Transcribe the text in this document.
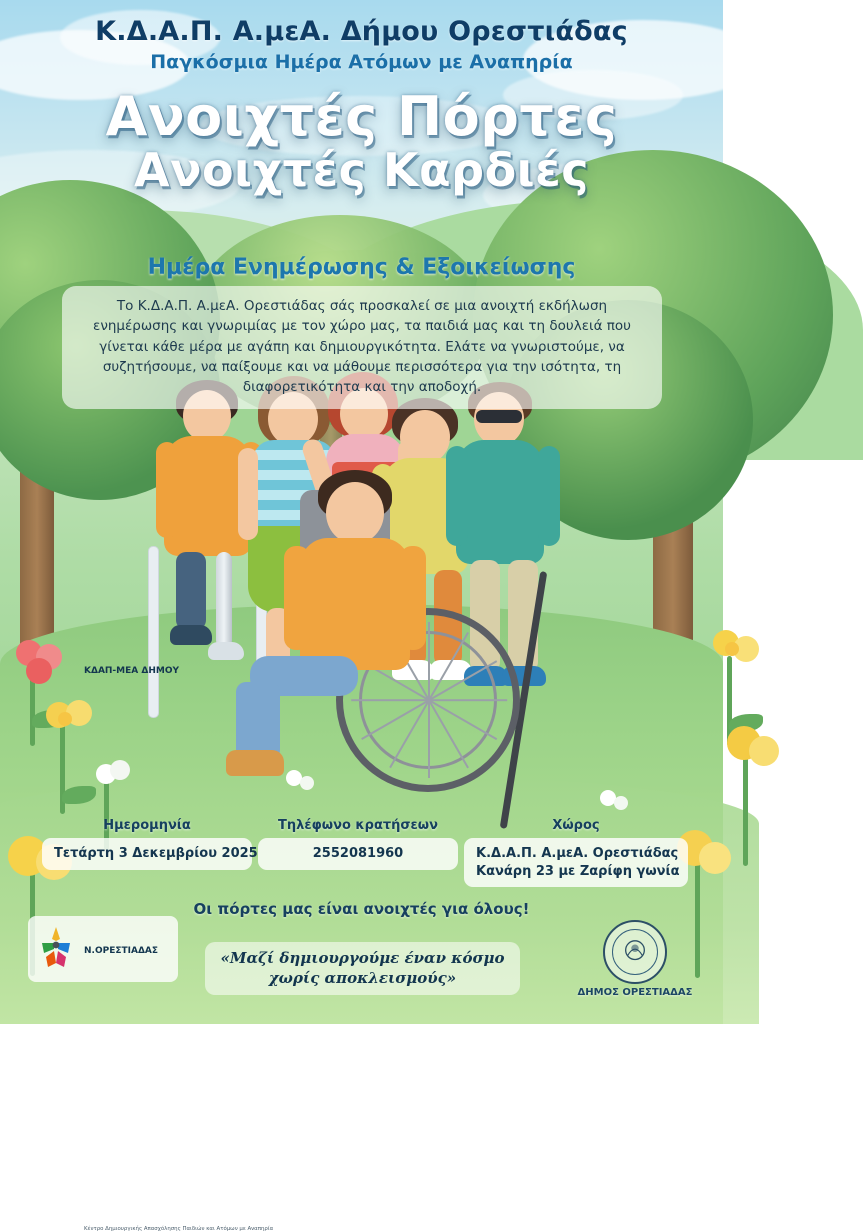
Κ.Δ.Α.Π. Α.μεΑ. Δήμου Ορεστιάδας
Παγκόσμια Ημέρα Ατόμων με Αναπηρία
Ανοιχτές Πόρτες
Ανοιχτές Καρδιές
Ημέρα Ενημέρωσης & Εξοικείωσης
Το Κ.Δ.Α.Π. Α.μεΑ. Ορεστιάδας σάς προσκαλεί σε μια ανοιχτή εκδήλωση ενημέρωσης και γνωριμίας με τον χώρο μας, τα παιδιά μας και τη δουλειά που γίνεται κάθε μέρα με αγάπη και δημιουργικότητα. Ελάτε να γνωριστούμε, να συζητήσουμε, να παίξουμε και να μάθουμε περισσότερα για την ισότητα, τη διαφορετικότητα και την αποδοχή.
Ημερομηνία
Τετάρτη 3 Δεκεμβρίου 2025
Τηλέφωνο κρατήσεων
2552081960
Χώρος
Κ.Δ.Α.Π. Α.μεΑ. Ορεστιάδας
Κανάρη 23 με Ζαρίφη γωνία
Οι πόρτες μας είναι ανοιχτές για όλους!
«Μαζί δημιουργούμε έναν κόσμο
χωρίς αποκλεισμούς»
ΚΔΑΠ-ΜΕΑ ΔΗΜΟΥ
Ν.ΟΡΕΣΤΙΑΔΑΣ
Κέντρο Δημιουργικής Απασχόλησης Παιδιών και Ατόμων με Αναπηρία
ΔΗΜΟΣ ΟΡΕΣΤΙΑΔΑΣ
